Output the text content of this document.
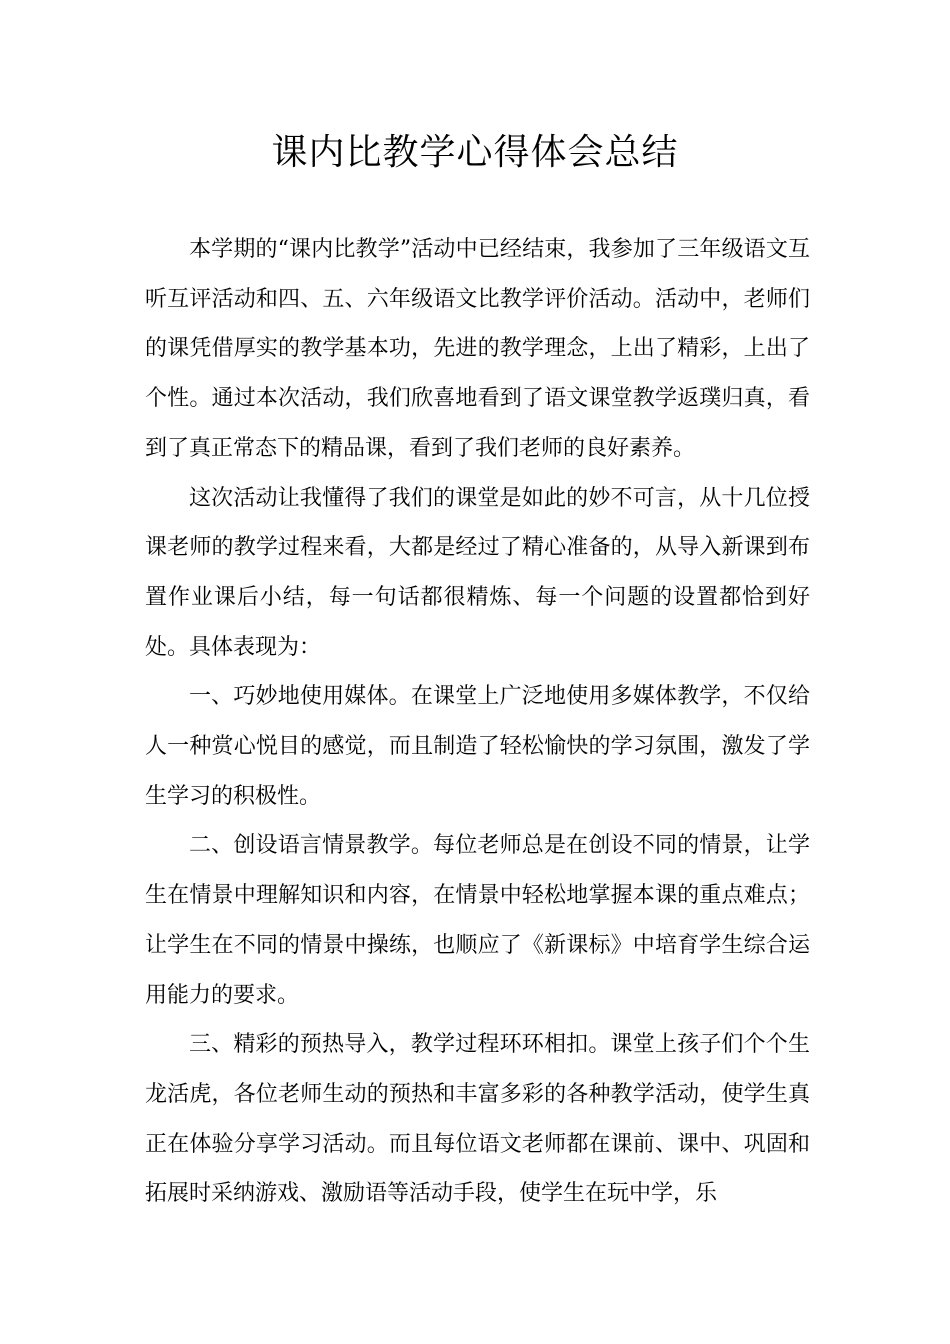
课内比教学心得体会总结

本学期的“课内比教学”活动中已经结束，我参加了三年级语文互听互评活动和四、五、六年级语文比教学评价活动。活动中，老师们的课凭借厚实的教学基本功，先进的教学理念，上出了精彩，上出了个性。通过本次活动，我们欣喜地看到了语文课堂教学返璞归真，看到了真正常态下的精品课，看到了我们老师的良好素养。

这次活动让我懂得了我们的课堂是如此的妙不可言，从十几位授课老师的教学过程来看，大都是经过了精心准备的，从导入新课到布置作业课后小结，每一句话都很精炼、每一个问题的设置都恰到好处。具体表现为：

一、巧妙地使用媒体。在课堂上广泛地使用多媒体教学，不仅给人一种赏心悦目的感觉，而且制造了轻松愉快的学习氛围，激发了学生学习的积极性。

二、创设语言情景教学。每位老师总是在创设不同的情景，让学生在情景中理解知识和内容，在情景中轻松地掌握本课的重点难点；让学生在不同的情景中操练，也顺应了《新课标》中培育学生综合运用能力的要求。

三、精彩的预热导入，教学过程环环相扣。课堂上孩子们个个生龙活虎，各位老师生动的预热和丰富多彩的各种教学活动，使学生真正在体验分享学习活动。而且每位语文老师都在课前、课中、巩固和拓展时采纳游戏、激励语等活动手段，使学生在玩中学，乐
